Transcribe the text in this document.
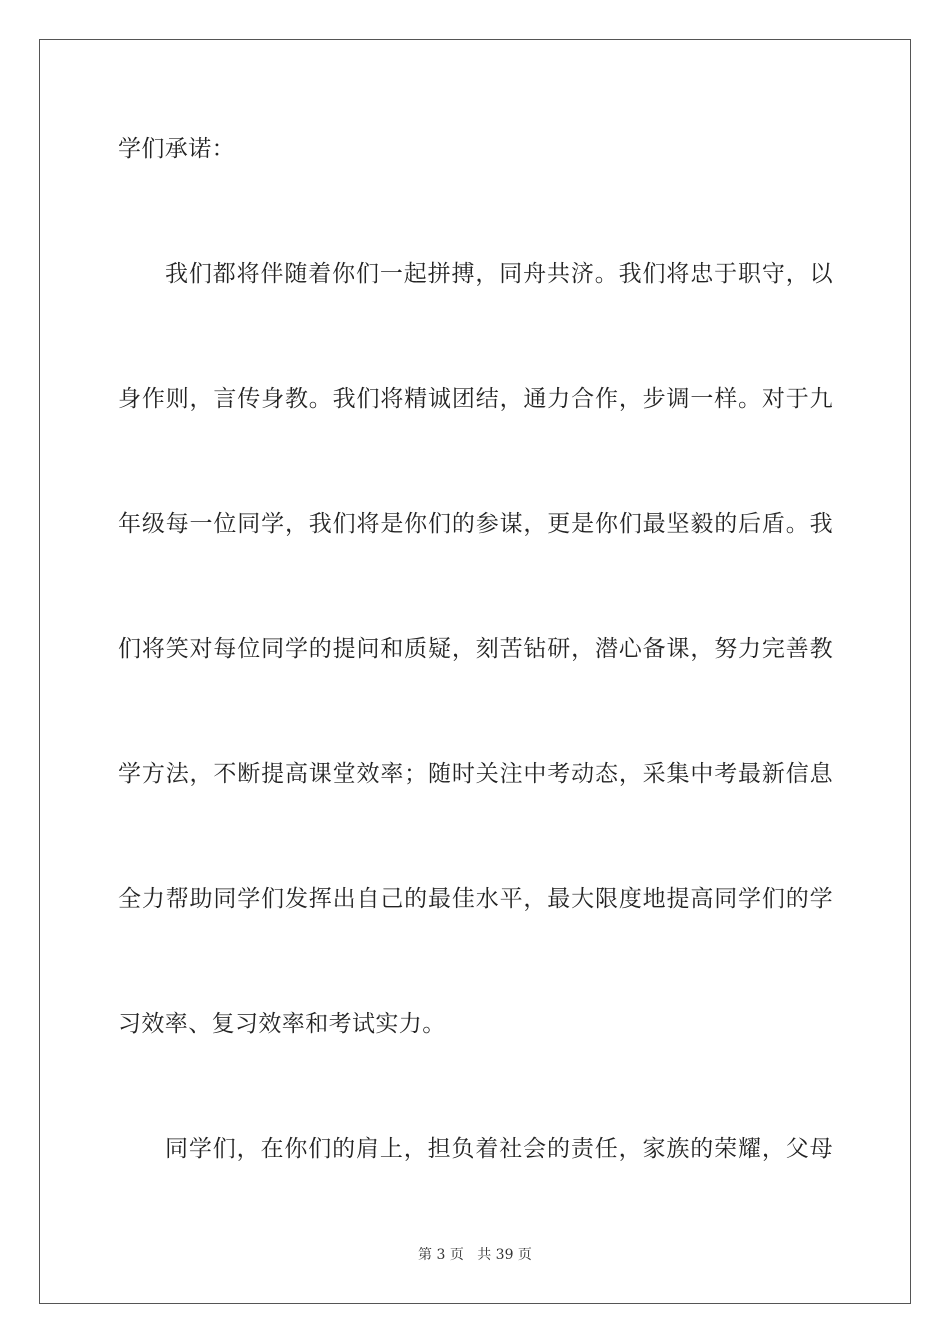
学们承诺：
我们都将伴随着你们一起拼搏，同舟共济。我们将忠于职守，以
身作则，言传身教。我们将精诚团结，通力合作，步调一样。对于九
年级每一位同学，我们将是你们的参谋，更是你们最坚毅的后盾。我
们将笑对每位同学的提问和质疑，刻苦钻研，潜心备课，努力完善教
学方法，不断提高课堂效率；随时关注中考动态，采集中考最新信息
全力帮助同学们发挥出自己的最佳水平，最大限度地提高同学们的学
习效率、复习效率和考试实力。
同学们，在你们的肩上，担负着社会的责任，家族的荣耀，父母
第 3 页 共 39 页
